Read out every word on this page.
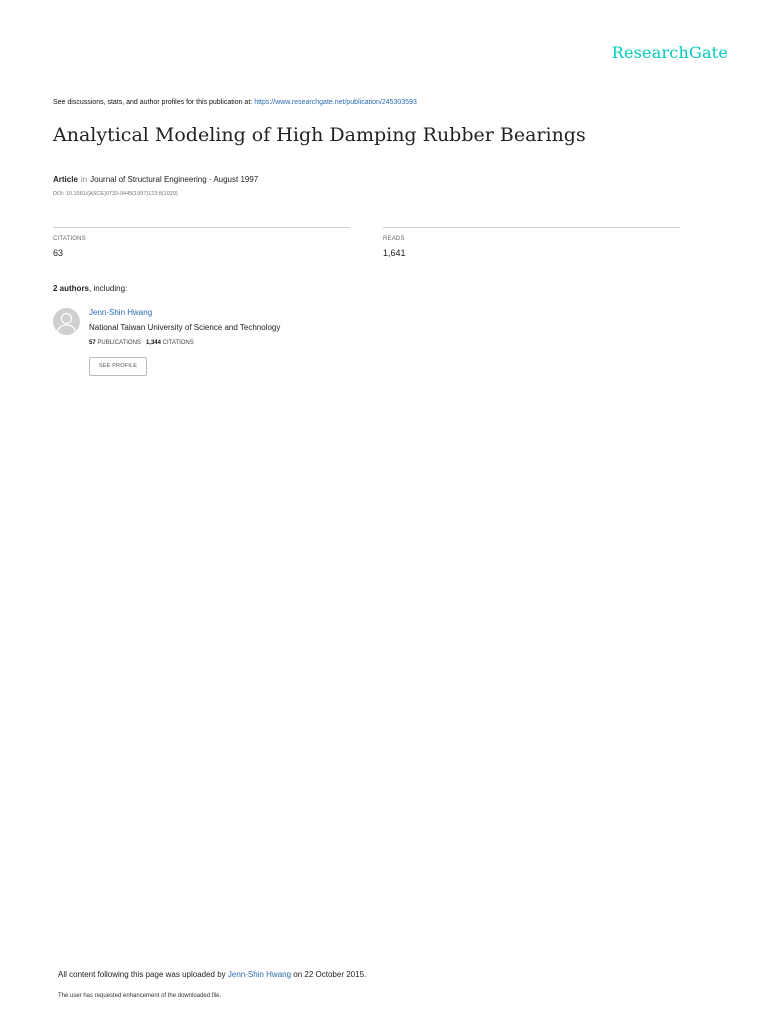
ResearchGate
See discussions, stats, and author profiles for this publication at: https://www.researchgate.net/publication/245303593
Analytical Modeling of High Damping Rubber Bearings
Article in Journal of Structural Engineering · August 1997
DOI: 10.1061/(ASCE)0733-9445(1997)123:8(1029)
CITATIONS
63
READS
1,641
2 authors, including:
Jenn-Shin Hwang
National Taiwan University of Science and Technology
57 PUBLICATIONS 1,344 CITATIONS
SEE PROFILE
All content following this page was uploaded by Jenn-Shin Hwang on 22 October 2015.
The user has requested enhancement of the downloaded file.
